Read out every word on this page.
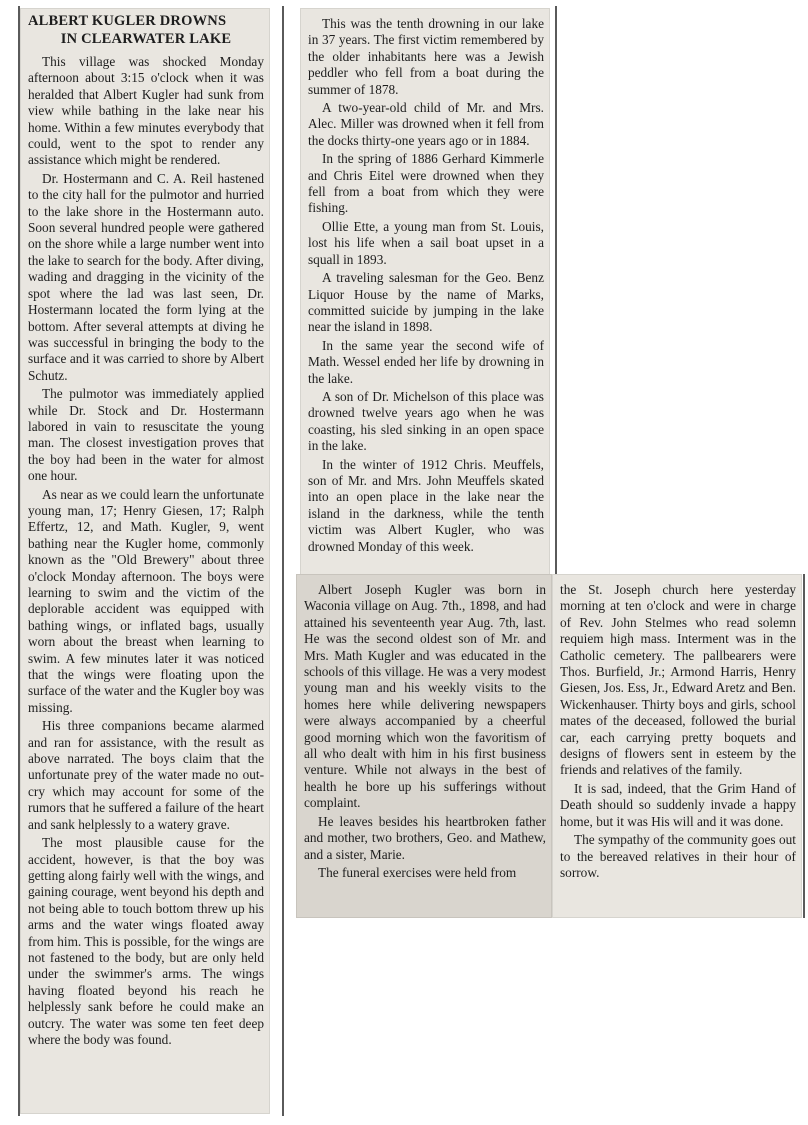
ALBERT KUGLER DROWNS
IN CLEARWATER LAKE

This village was shocked Monday afternoon about 3:15 o'clock when it was heralded that Albert Kugler had sunk from view while bathing in the lake near his home. Within a few minutes everybody that could, went to the spot to render any assistance which might be rendered.

Dr. Hostermann and C. A. Reil hastened to the city hall for the pulmotor and hurried to the lake shore in the Hostermann auto. Soon several hundred people were gathered on the shore while a large number went into the lake to search for the body. After diving, wading and dragging in the vicinity of the spot where the lad was last seen, Dr. Hostermann located the form lying at the bottom. After several attempts at diving he was successful in bringing the body to the surface and it was carried to shore by Albert Schutz.

The pulmotor was immediately applied while Dr. Stock and Dr. Hostermann labored in vain to resuscitate the young man. The closest investigation proves that the boy had been in the water for almost one hour.

As near as we could learn the unfortunate young man, 17; Henry Giesen, 17; Ralph Effertz, 12, and Math. Kugler, 9, went bathing near the Kugler home, commonly known as the "Old Brewery" about three o'clock Monday afternoon. The boys were learning to swim and the victim of the deplorable accident was equipped with bathing wings, or inflated bags, usually worn about the breast when learning to swim. A few minutes later it was noticed that the wings were floating upon the surface of the water and the Kugler boy was missing.

His three companions became alarmed and ran for assistance, with the result as above narrated. The boys claim that the unfortunate prey of the water made no out-cry which may account for some of the rumors that he suffered a failure of the heart and sank helplessly to a watery grave.

The most plausible cause for the accident, however, is that the boy was getting along fairly well with the wings, and gaining courage, went beyond his depth and not being able to touch bottom threw up his arms and the water wings floated away from him. This is possible, for the wings are not fastened to the body, but are only held under the swimmer's arms. The wings having floated beyond his reach he helplessly sank before he could make an outcry. The water was some ten feet deep where the body was found.

This was the tenth drowning in our lake in 37 years. The first victim remembered by the older inhabitants here was a Jewish peddler who fell from a boat during the summer of 1878.

A two-year-old child of Mr. and Mrs. Alec. Miller was drowned when it fell from the docks thirty-one years ago or in 1884.

In the spring of 1886 Gerhard Kimmerle and Chris Eitel were drowned when they fell from a boat from which they were fishing.

Ollie Ette, a young man from St. Louis, lost his life when a sail boat upset in a squall in 1893.

A traveling salesman for the Geo. Benz Liquor House by the name of Marks, committed suicide by jumping in the lake near the island in 1898.

In the same year the second wife of Math. Wessel ended her life by drowning in the lake.

A son of Dr. Michelson of this place was drowned twelve years ago when he was coasting, his sled sinking in an open space in the lake.

In the winter of 1912 Chris. Meuffels, son of Mr. and Mrs. John Meuffels skated into an open place in the lake near the island in the darkness, while the tenth victim was Albert Kugler, who was drowned Monday of this week.

Albert Joseph Kugler was born in Waconia village on Aug. 7th., 1898, and had attained his seventeenth year Aug. 7th, last. He was the second oldest son of Mr. and Mrs. Math Kugler and was educated in the schools of this village. He was a very modest young man and his weekly visits to the homes here while delivering newspapers were always accompanied by a cheerful good morning which won the favoritism of all who dealt with him in his first business venture. While not always in the best of health he bore up his sufferings without complaint.

He leaves besides his heartbroken father and mother, two brothers, Geo. and Mathew, and a sister, Marie.

The funeral exercises were held from

the St. Joseph church here yesterday morning at ten o'clock and were in charge of Rev. John Stelmes who read solemn requiem high mass. Interment was in the Catholic cemetery. The pallbearers were Thos. Burfield, Jr.; Armond Harris, Henry Giesen, Jos. Ess, Jr., Edward Aretz and Ben. Wickenhauser. Thirty boys and girls, school mates of the deceased, followed the burial car, each carrying pretty boquets and designs of flowers sent in esteem by the friends and relatives of the family.

It is sad, indeed, that the Grim Hand of Death should so suddenly invade a happy home, but it was His will and it was done.

The sympathy of the community goes out to the bereaved relatives in their hour of sorrow.
